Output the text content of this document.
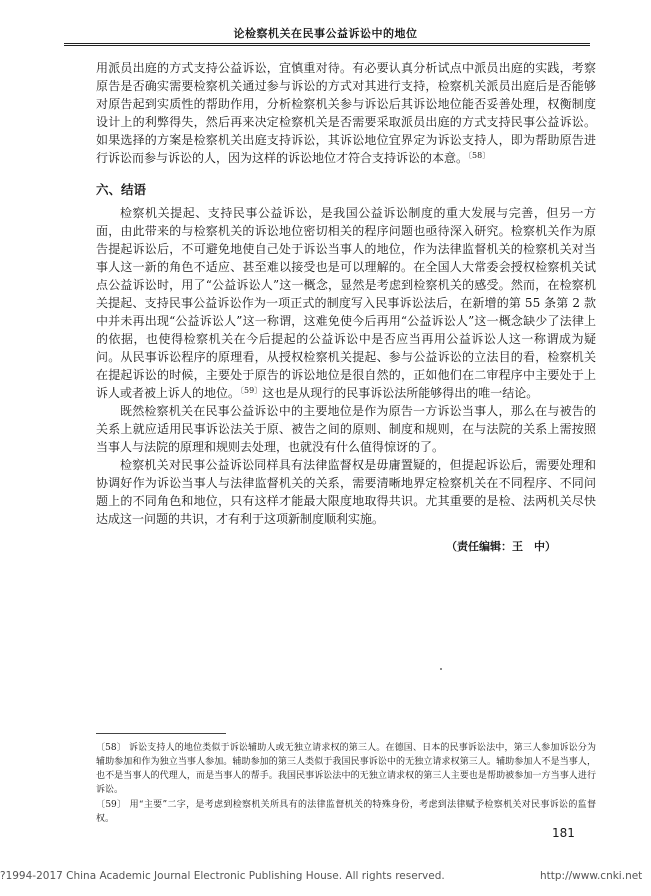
论检察机关在民事公益诉讼中的地位

用派员出庭的方式支持公益诉讼，宜慎重对待。有必要认真分析试点中派员出庭的实践，考察原告是否确实需要检察机关通过参与诉讼的方式对其进行支持，检察机关派员出庭后是否能够对原告起到实质性的帮助作用，分析检察机关参与诉讼后其诉讼地位能否妥善处理，权衡制度设计上的利弊得失，然后再来决定检察机关是否需要采取派员出庭的方式支持民事公益诉讼。如果选择的方案是检察机关出庭支持诉讼，其诉讼地位宜界定为诉讼支持人，即为帮助原告进行诉讼而参与诉讼的人，因为这样的诉讼地位才符合支持诉讼的本意。$^{〔58〕}$

六、结语

检察机关提起、支持民事公益诉讼，是我国公益诉讼制度的重大发展与完善，但另一方面，由此带来的与检察机关的诉讼地位密切相关的程序问题也亟待深入研究。检察机关作为原告提起诉讼后，不可避免地使自己处于诉讼当事人的地位，作为法律监督机关的检察机关对当事人这一新的角色不适应、甚至难以接受也是可以理解的。在全国人大常委会授权检察机关试点公益诉讼时，用了“公益诉讼人”这一概念，显然是考虑到检察机关的感受。然而，在检察机关提起、支持民事公益诉讼作为一项正式的制度写入民事诉讼法后，在新增的第 55 条第 2 款中并未再出现“公益诉讼人”这一称谓，这难免使今后再用“公益诉讼人”这一概念缺少了法律上的依据，也使得检察机关在今后提起的公益诉讼中是否应当再用公益诉讼人这一称谓成为疑问。从民事诉讼程序的原理看，从授权检察机关提起、参与公益诉讼的立法目的看，检察机关在提起诉讼的时候，主要处于原告的诉讼地位是很自然的，正如他们在二审程序中主要处于上诉人或者被上诉人的地位。$^{〔59〕}$这也是从现行的民事诉讼法所能够得出的唯一结论。

既然检察机关在民事公益诉讼中的主要地位是作为原告一方诉讼当事人，那么在与被告的关系上就应适用民事诉讼法关于原、被告之间的原则、制度和规则，在与法院的关系上需按照当事人与法院的原理和规则去处理，也就没有什么值得惊讶的了。

检察机关对民事公益诉讼同样具有法律监督权是毋庸置疑的，但提起诉讼后，需要处理和协调好作为诉讼当事人与法律监督机关的关系，需要清晰地界定检察机关在不同程序、不同问题上的不同角色和地位，只有这样才能最大限度地取得共识。尤其重要的是检、法两机关尽快达成这一问题的共识，才有利于这项新制度顺利实施。

（责任编辑：王　中）

〔58〕 诉讼支持人的地位类似于诉讼辅助人或无独立请求权的第三人。在德国、日本的民事诉讼法中，第三人参加诉讼分为辅助参加和作为独立当事人参加。辅助参加的第三人类似于我国民事诉讼中的无独立请求权第三人。辅助参加人不是当事人，也不是当事人的代理人，而是当事人的帮手。我国民事诉讼法中的无独立请求权的第三人主要也是帮助被参加一方当事人进行诉讼。

〔59〕 用“主要”二字，是考虑到检察机关所具有的法律监督机关的特殊身份，考虑到法律赋予检察机关对民事诉讼的监督权。

181
?1994-2017 China Academic Journal Electronic Publishing House. All rights reserved.	http://www.cnki.net
